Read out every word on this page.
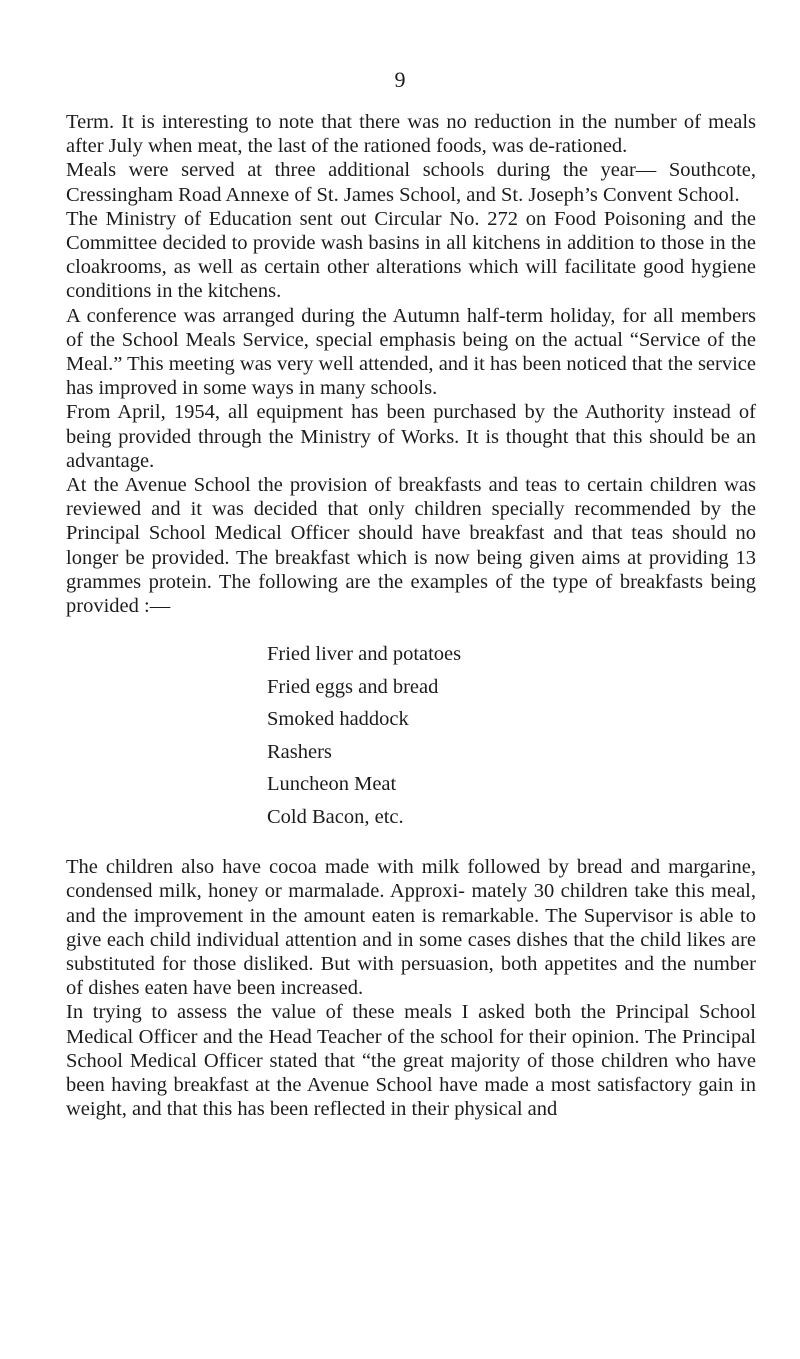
9

Term. It is interesting to note that there was no reduction in the number of meals after July when meat, the last of the rationed foods, was de-rationed.

Meals were served at three additional schools during the year— Southcote, Cressingham Road Annexe of St. James School, and St. Joseph’s Convent School.

The Ministry of Education sent out Circular No. 272 on Food Poisoning and the Committee decided to provide wash basins in all kitchens in addition to those in the cloakrooms, as well as certain other alterations which will facilitate good hygiene conditions in the kitchens.

A conference was arranged during the Autumn half-term holiday, for all members of the School Meals Service, special emphasis being on the actual “Service of the Meal.” This meeting was very well attended, and it has been noticed that the service has improved in some ways in many schools.

From April, 1954, all equipment has been purchased by the Authority instead of being provided through the Ministry of Works. It is thought that this should be an advantage.

At the Avenue School the provision of breakfasts and teas to certain children was reviewed and it was decided that only children specially recommended by the Principal School Medical Officer should have breakfast and that teas should no longer be provided. The breakfast which is now being given aims at providing 13 grammes protein. The following are the examples of the type of breakfasts being provided :—

Fried liver and potatoes
Fried eggs and bread
Smoked haddock
Rashers
Luncheon Meat
Cold Bacon, etc.

The children also have cocoa made with milk followed by bread and margarine, condensed milk, honey or marmalade. Approxi- mately 30 children take this meal, and the improvement in the amount eaten is remarkable. The Supervisor is able to give each child individual attention and in some cases dishes that the child likes are substituted for those disliked. But with persuasion, both appetites and the number of dishes eaten have been increased.

In trying to assess the value of these meals I asked both the Principal School Medical Officer and the Head Teacher of the school for their opinion. The Principal School Medical Officer stated that “the great majority of those children who have been having breakfast at the Avenue School have made a most satisfactory gain in weight, and that this has been reflected in their physical and
